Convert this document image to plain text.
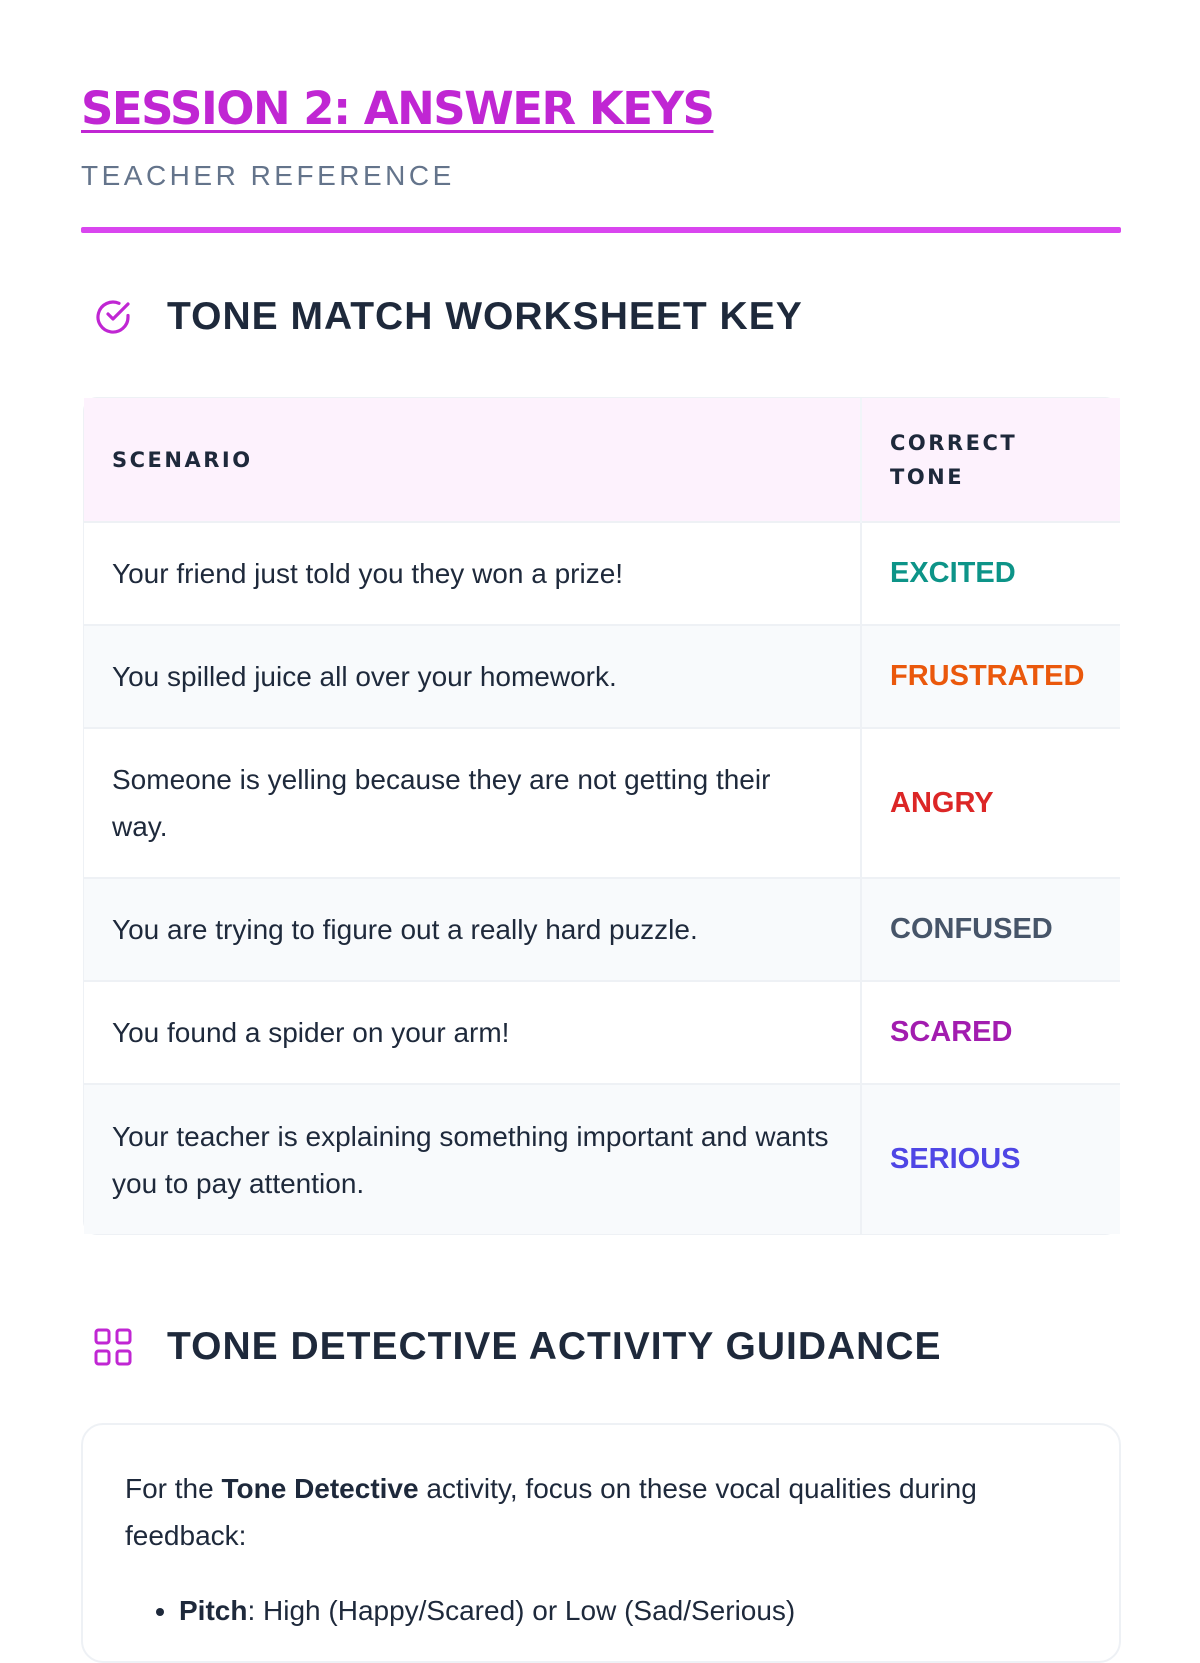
SESSION 2: ANSWER KEYS
TEACHER REFERENCE
TONE MATCH WORKSHEET KEY
SCENARIO	CORRECT TONE
Your friend just told you they won a prize!	EXCITED
You spilled juice all over your homework.	FRUSTRATED
Someone is yelling because they are not getting their way.	ANGRY
You are trying to figure out a really hard puzzle.	CONFUSED
You found a spider on your arm!	SCARED
Your teacher is explaining something important and wants you to pay attention.	SERIOUS
TONE DETECTIVE ACTIVITY GUIDANCE

For the Tone Detective activity, focus on these vocal qualities during feedback:

• Pitch: High (Happy/Scared) or Low (Sad/Serious)
